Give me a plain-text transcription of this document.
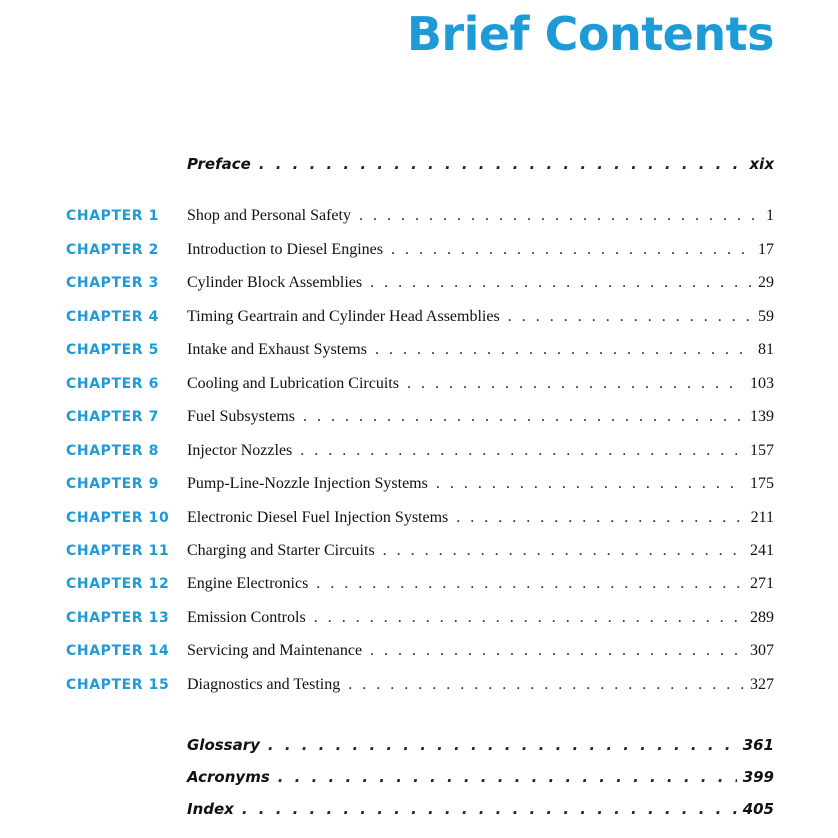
Brief Contents
Preface . . .	xix
CHAPTER 1	Shop and Personal Safety . . .	1
CHAPTER 2	Introduction to Diesel Engines . . .	17
CHAPTER 3	Cylinder Block Assemblies . . .	29
CHAPTER 4	Timing Geartrain and Cylinder Head Assemblies . . .	59
CHAPTER 5	Intake and Exhaust Systems . . .	81
CHAPTER 6	Cooling and Lubrication Circuits . . .	103
CHAPTER 7	Fuel Subsystems . . .	139
CHAPTER 8	Injector Nozzles . . .	157
CHAPTER 9	Pump-Line-Nozzle Injection Systems . . .	175
CHAPTER 10	Electronic Diesel Fuel Injection Systems . . .	211
CHAPTER 11	Charging and Starter Circuits . . .	241
CHAPTER 12	Engine Electronics . . .	271
CHAPTER 13	Emission Controls . . .	289
CHAPTER 14	Servicing and Maintenance . . .	307
CHAPTER 15	Diagnostics and Testing . . .	327
Glossary . . .	361
Acronyms . . .	399
Index . . .	405
